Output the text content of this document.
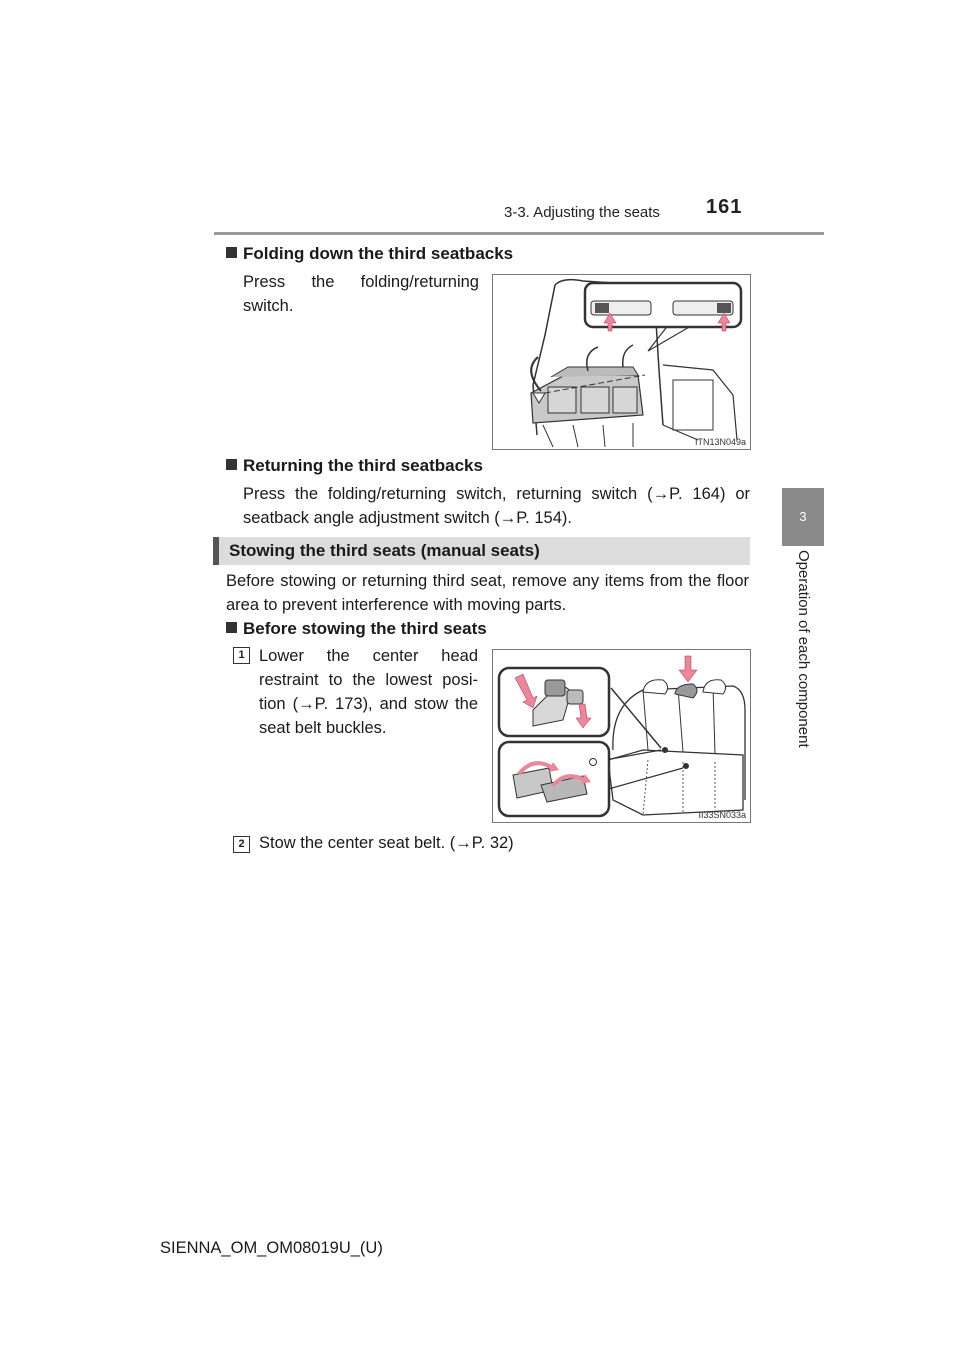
3-3. Adjusting the seats 161
3
Operation of each component
Folding down the third seatbacks
Press the folding/returning switch.
ITN13N049a
Returning the third seatbacks
Press the folding/returning switch, returning switch (→P. 164) or
seatback angle adjustment switch (→P. 154).
Stowing the third seats (manual seats)
Before stowing or returning third seat, remove any items from the floor
area to prevent interference with moving parts.
Before stowing the third seats
1 Lower the center head
restraint to the lowest posi-
tion (→P. 173), and stow the
seat belt buckles.
II33SN033a
2 Stow the center seat belt. (→P. 32)
SIENNA_OM_OM08019U_(U)
